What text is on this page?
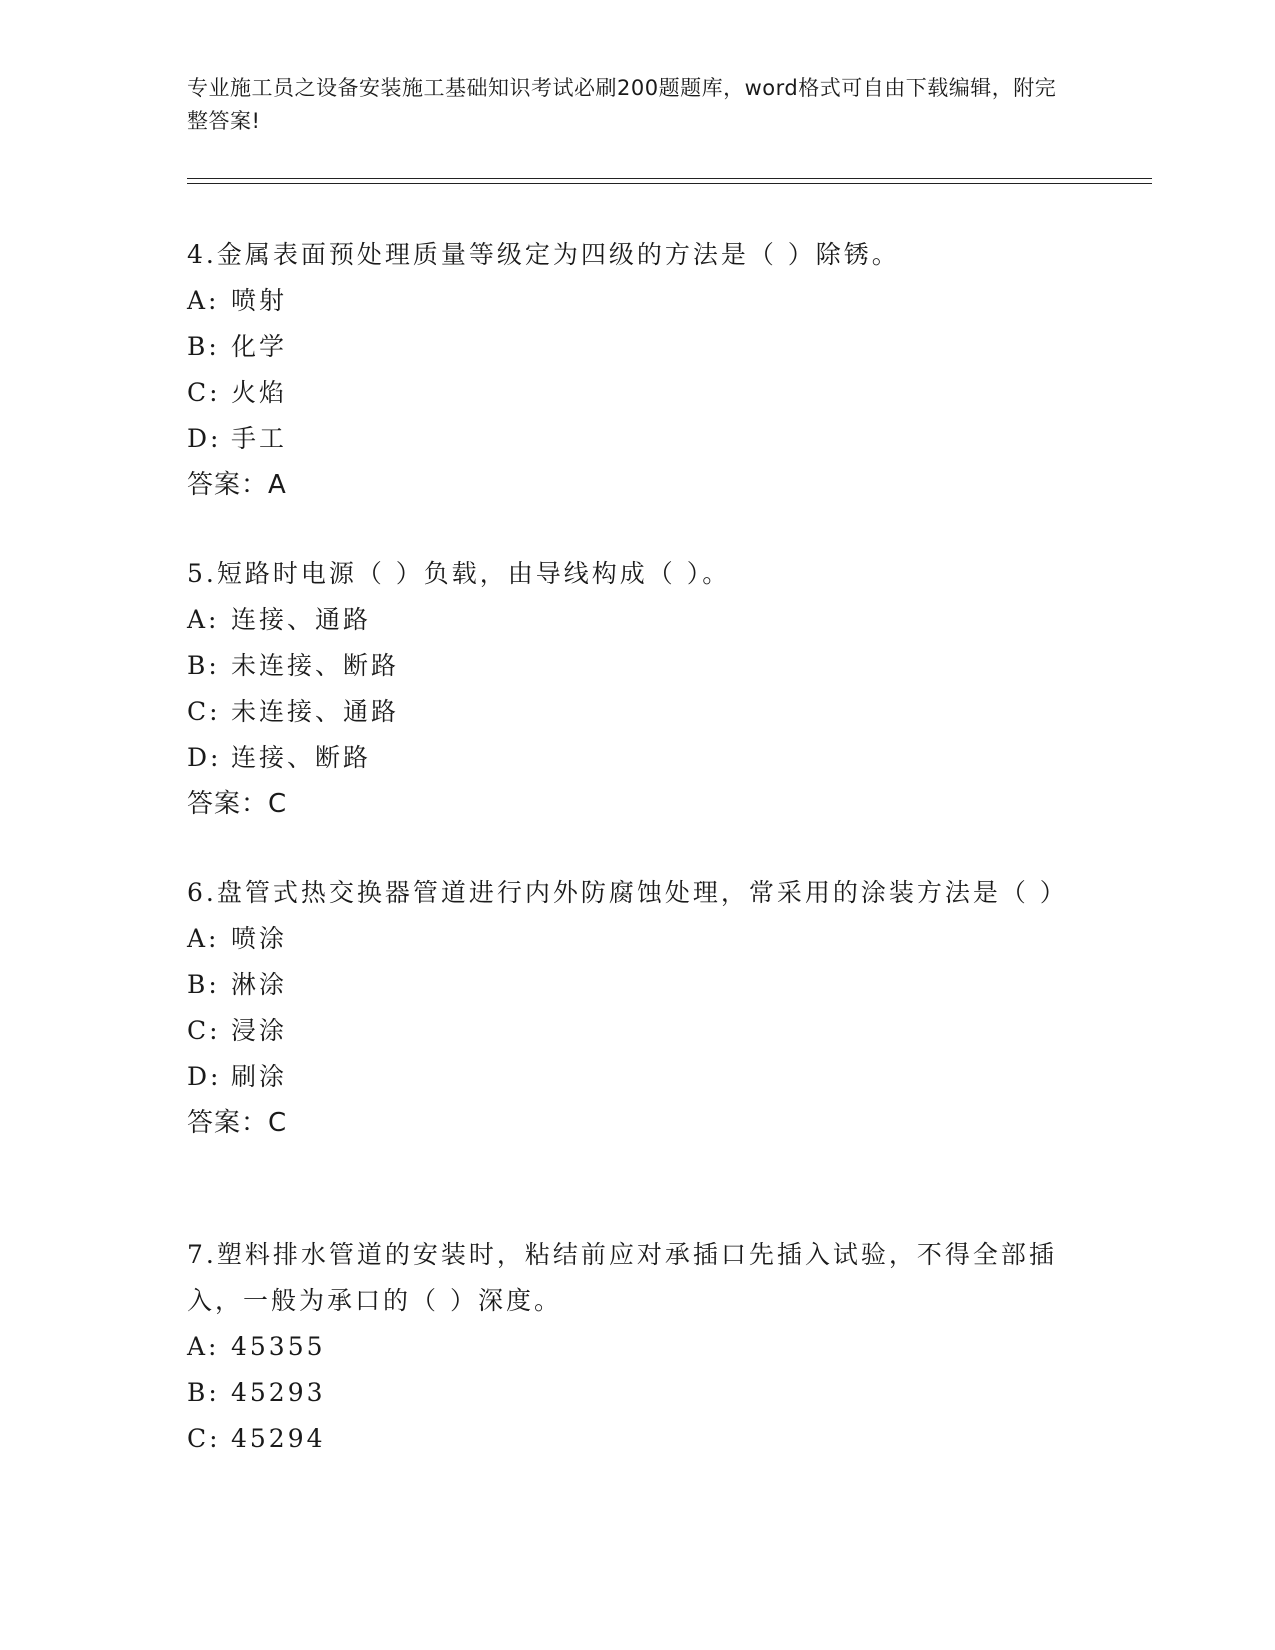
专业施工员之设备安装施工基础知识考试必刷200题题库，word格式可自由下载编辑，附完整答案!

4.金属表面预处理质量等级定为四级的方法是（ ）除锈。

A: 喷射

B: 化学

C: 火焰

D: 手工

答案：A

5.短路时电源（ ）负载，由导线构成（ ）。

A: 连接、通路

B: 未连接、断路

C: 未连接、通路

D: 连接、断路

答案：C

6.盘管式热交换器管道进行内外防腐蚀处理，常采用的涂装方法是（ ）

A: 喷涂

B: 淋涂

C: 浸涂

D: 刷涂

答案：C

7.塑料排水管道的安装时，粘结前应对承插口先插入试验，不得全部插入，一般为承口的（ ）深度。

A: 45355

B: 45293

C: 45294
